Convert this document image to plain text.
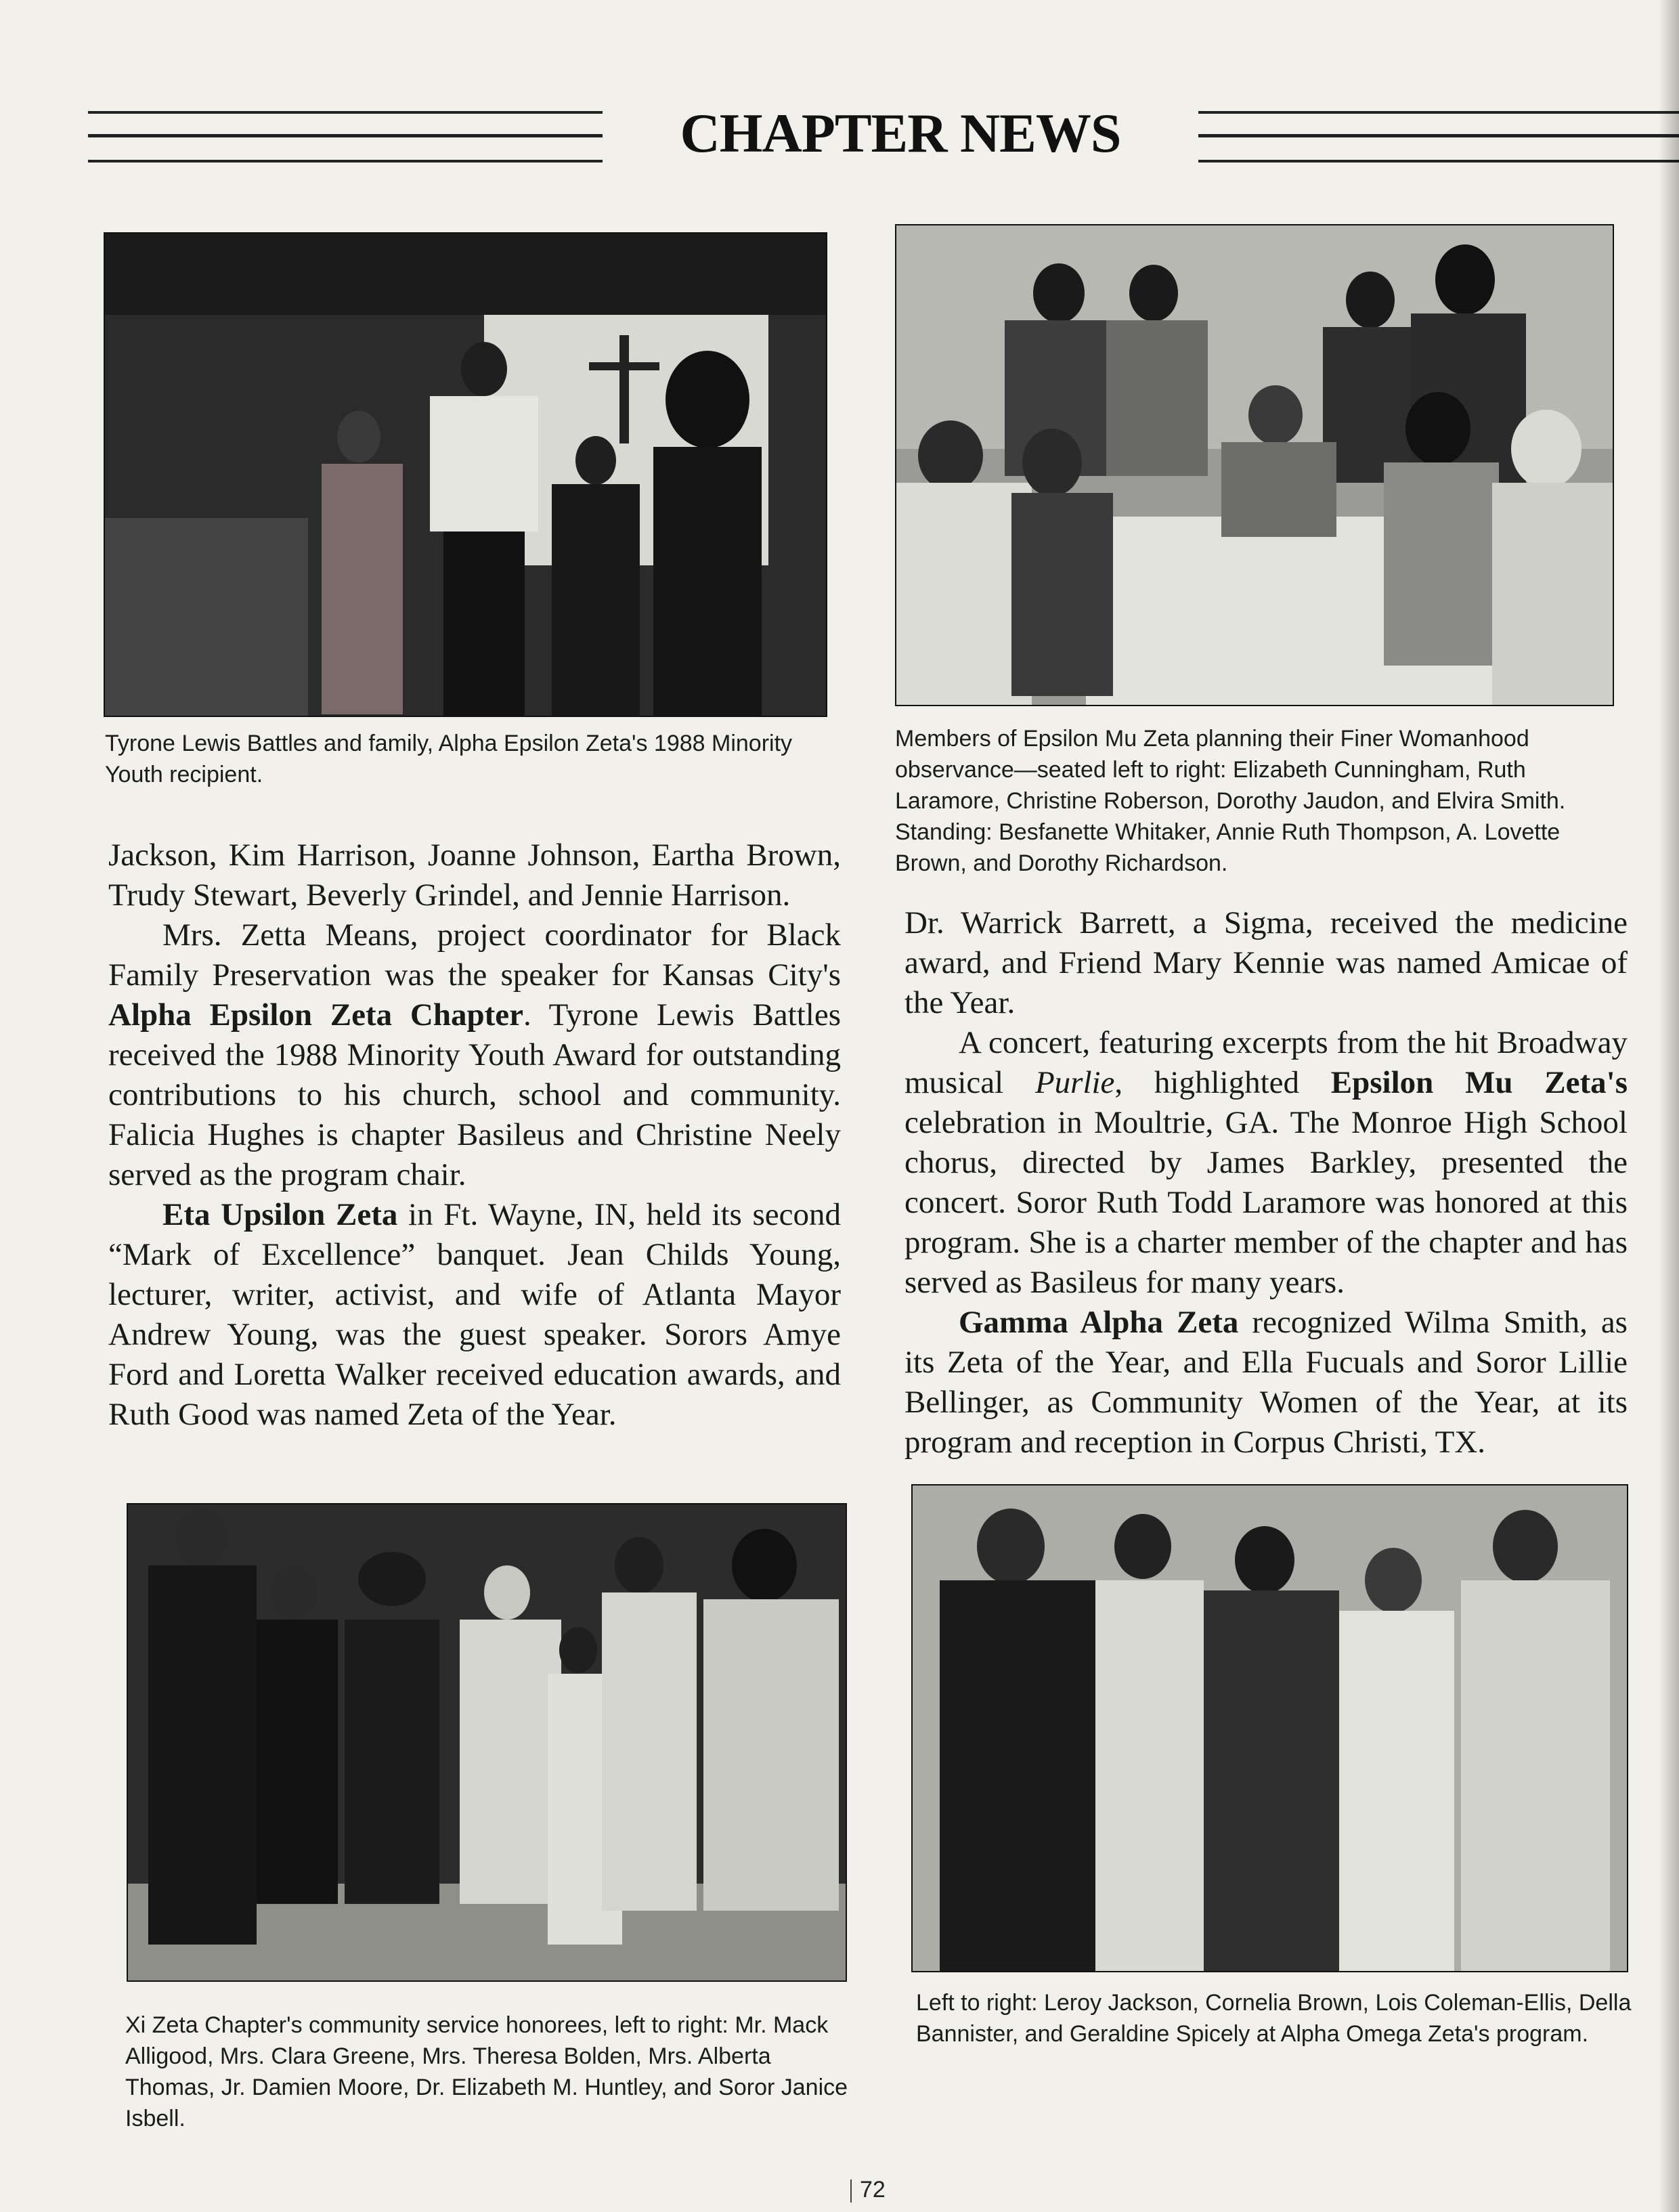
CHAPTER NEWS

Tyrone Lewis Battles and family, Alpha Epsilon Zeta's 1988 Minority Youth recipient.

Members of Epsilon Mu Zeta planning their Finer Womanhood observance—seated left to right: Elizabeth Cunningham, Ruth Laramore, Christine Roberson, Dorothy Jaudon, and Elvira Smith. Standing: Besfanette Whitaker, Annie Ruth Thompson, A. Lovette Brown, and Dorothy Richardson.

Jackson, Kim Harrison, Joanne Johnson, Eartha Brown, Trudy Stewart, Beverly Grindel, and Jennie Harrison.

Mrs. Zetta Means, project coordinator for Black Family Preservation was the speaker for Kansas City's Alpha Epsilon Zeta Chapter. Tyrone Lewis Battles received the 1988 Minority Youth Award for outstanding contributions to his church, school and community. Falicia Hughes is chapter Basileus and Christine Neely served as the program chair.

Eta Upsilon Zeta in Ft. Wayne, IN, held its second “Mark of Excellence” banquet. Jean Childs Young, lecturer, writer, activist, and wife of Atlanta Mayor Andrew Young, was the guest speaker. Sorors Amye Ford and Loretta Walker received education awards, and Ruth Good was named Zeta of the Year.

Dr. Warrick Barrett, a Sigma, received the medicine award, and Friend Mary Kennie was named Amicae of the Year.

A concert, featuring excerpts from the hit Broadway musical Purlie, highlighted Epsilon Mu Zeta's celebration in Moultrie, GA. The Monroe High School chorus, directed by James Barkley, presented the concert. Soror Ruth Todd Laramore was honored at this program. She is a charter member of the chapter and has served as Basileus for many years.

Gamma Alpha Zeta recognized Wilma Smith, as its Zeta of the Year, and Ella Fucuals and Soror Lillie Bellinger, as Community Women of the Year, at its program and reception in Corpus Christi, TX.

Xi Zeta Chapter's community service honorees, left to right: Mr. Mack Alligood, Mrs. Clara Greene, Mrs. Theresa Bolden, Mrs. Alberta Thomas, Jr. Damien Moore, Dr. Elizabeth M. Huntley, and Soror Janice Isbell.

Left to right: Leroy Jackson, Cornelia Brown, Lois Coleman-Ellis, Della Bannister, and Geraldine Spicely at Alpha Omega Zeta's program.

72
